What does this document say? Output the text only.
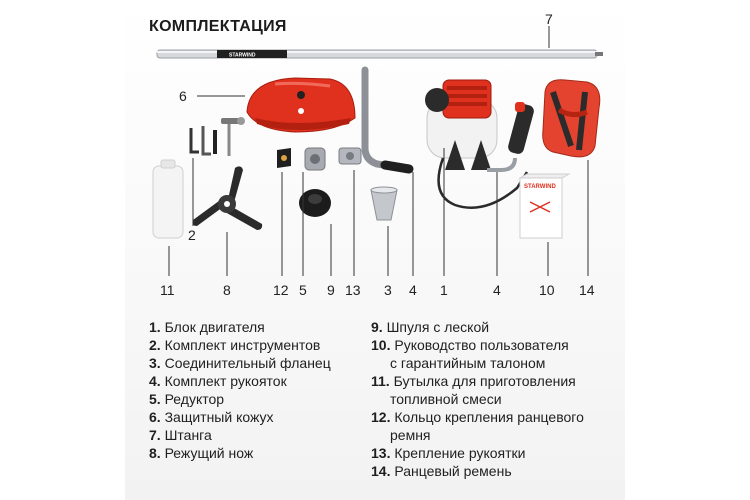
КОМПЛЕКТАЦИЯ
STARWIND
STARWIND
7
6
2
11	8	12 5 9 13 3 4 1	4	10 14
1. Блок двигателя
2. Комплект инструментов
3. Соединительный фланец
4. Комплект рукояток
5. Редуктор
6. Защитный кожух
7. Штанга
8. Режущий нож
9. Шпуля с леской
10. Руководство пользователя
с гарантийным талоном
11. Бутылка для приготовления
топливной смеси
12. Кольцо крепления ранцевого
ремня
13. Крепление рукоятки
14. Ранцевый ремень
